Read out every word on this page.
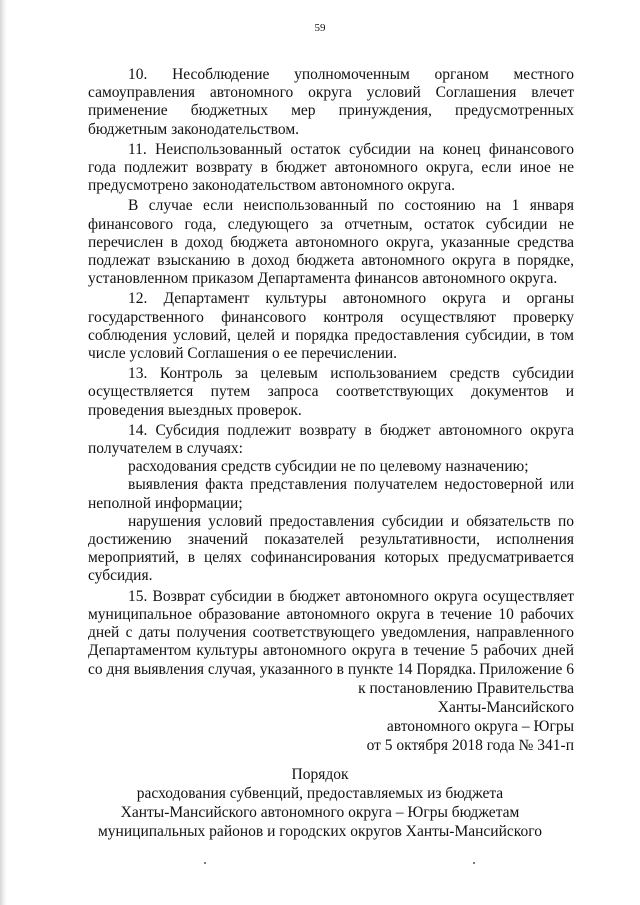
59

10. Несоблюдение уполномоченным органом местного самоуправления автономного округа условий Соглашения влечет применение бюджетных мер принуждения, предусмотренных бюджетным законодательством.

11. Неиспользованный остаток субсидии на конец финансового года подлежит возврату в бюджет автономного округа, если иное не предусмотрено законодательством автономного округа.

В случае если неиспользованный по состоянию на 1 января финансового года, следующего за отчетным, остаток субсидии не перечислен в доход бюджета автономного округа, указанные средства подлежат взысканию в доход бюджета автономного округа в порядке, установленном приказом Департамента финансов автономного округа.

12. Департамент культуры автономного округа и органы государственного финансового контроля осуществляют проверку соблюдения условий, целей и порядка предоставления субсидии, в том числе условий Соглашения о ее перечислении.

13. Контроль за целевым использованием средств субсидии осуществляется путем запроса соответствующих документов и проведения выездных проверок.

14. Субсидия подлежит возврату в бюджет автономного округа получателем в случаях:

расходования средств субсидии не по целевому назначению;

выявления факта представления получателем недостоверной или неполной информации;

нарушения условий предоставления субсидии и обязательств по достижению значений показателей результативности, исполнения мероприятий, в целях софинансирования которых предусматривается субсидия.

15. Возврат субсидии в бюджет автономного округа осуществляет муниципальное образование автономного округа в течение 10 рабочих дней с даты получения соответствующего уведомления, направленного Департаментом культуры автономного округа в течение 5 рабочих дней со дня выявления случая, указанного в пункте 14 Порядка. Приложение 6
к постановлению Правительства
Ханты-Мансийского
автономного округа – Югры
от 5 октября 2018 года № 341-п
Порядок
расходования субвенций, предоставляемых из бюджета
Ханты-Мансийского автономного округа – Югры бюджетам
муниципальных районов и городских округов Ханты-Мансийского
